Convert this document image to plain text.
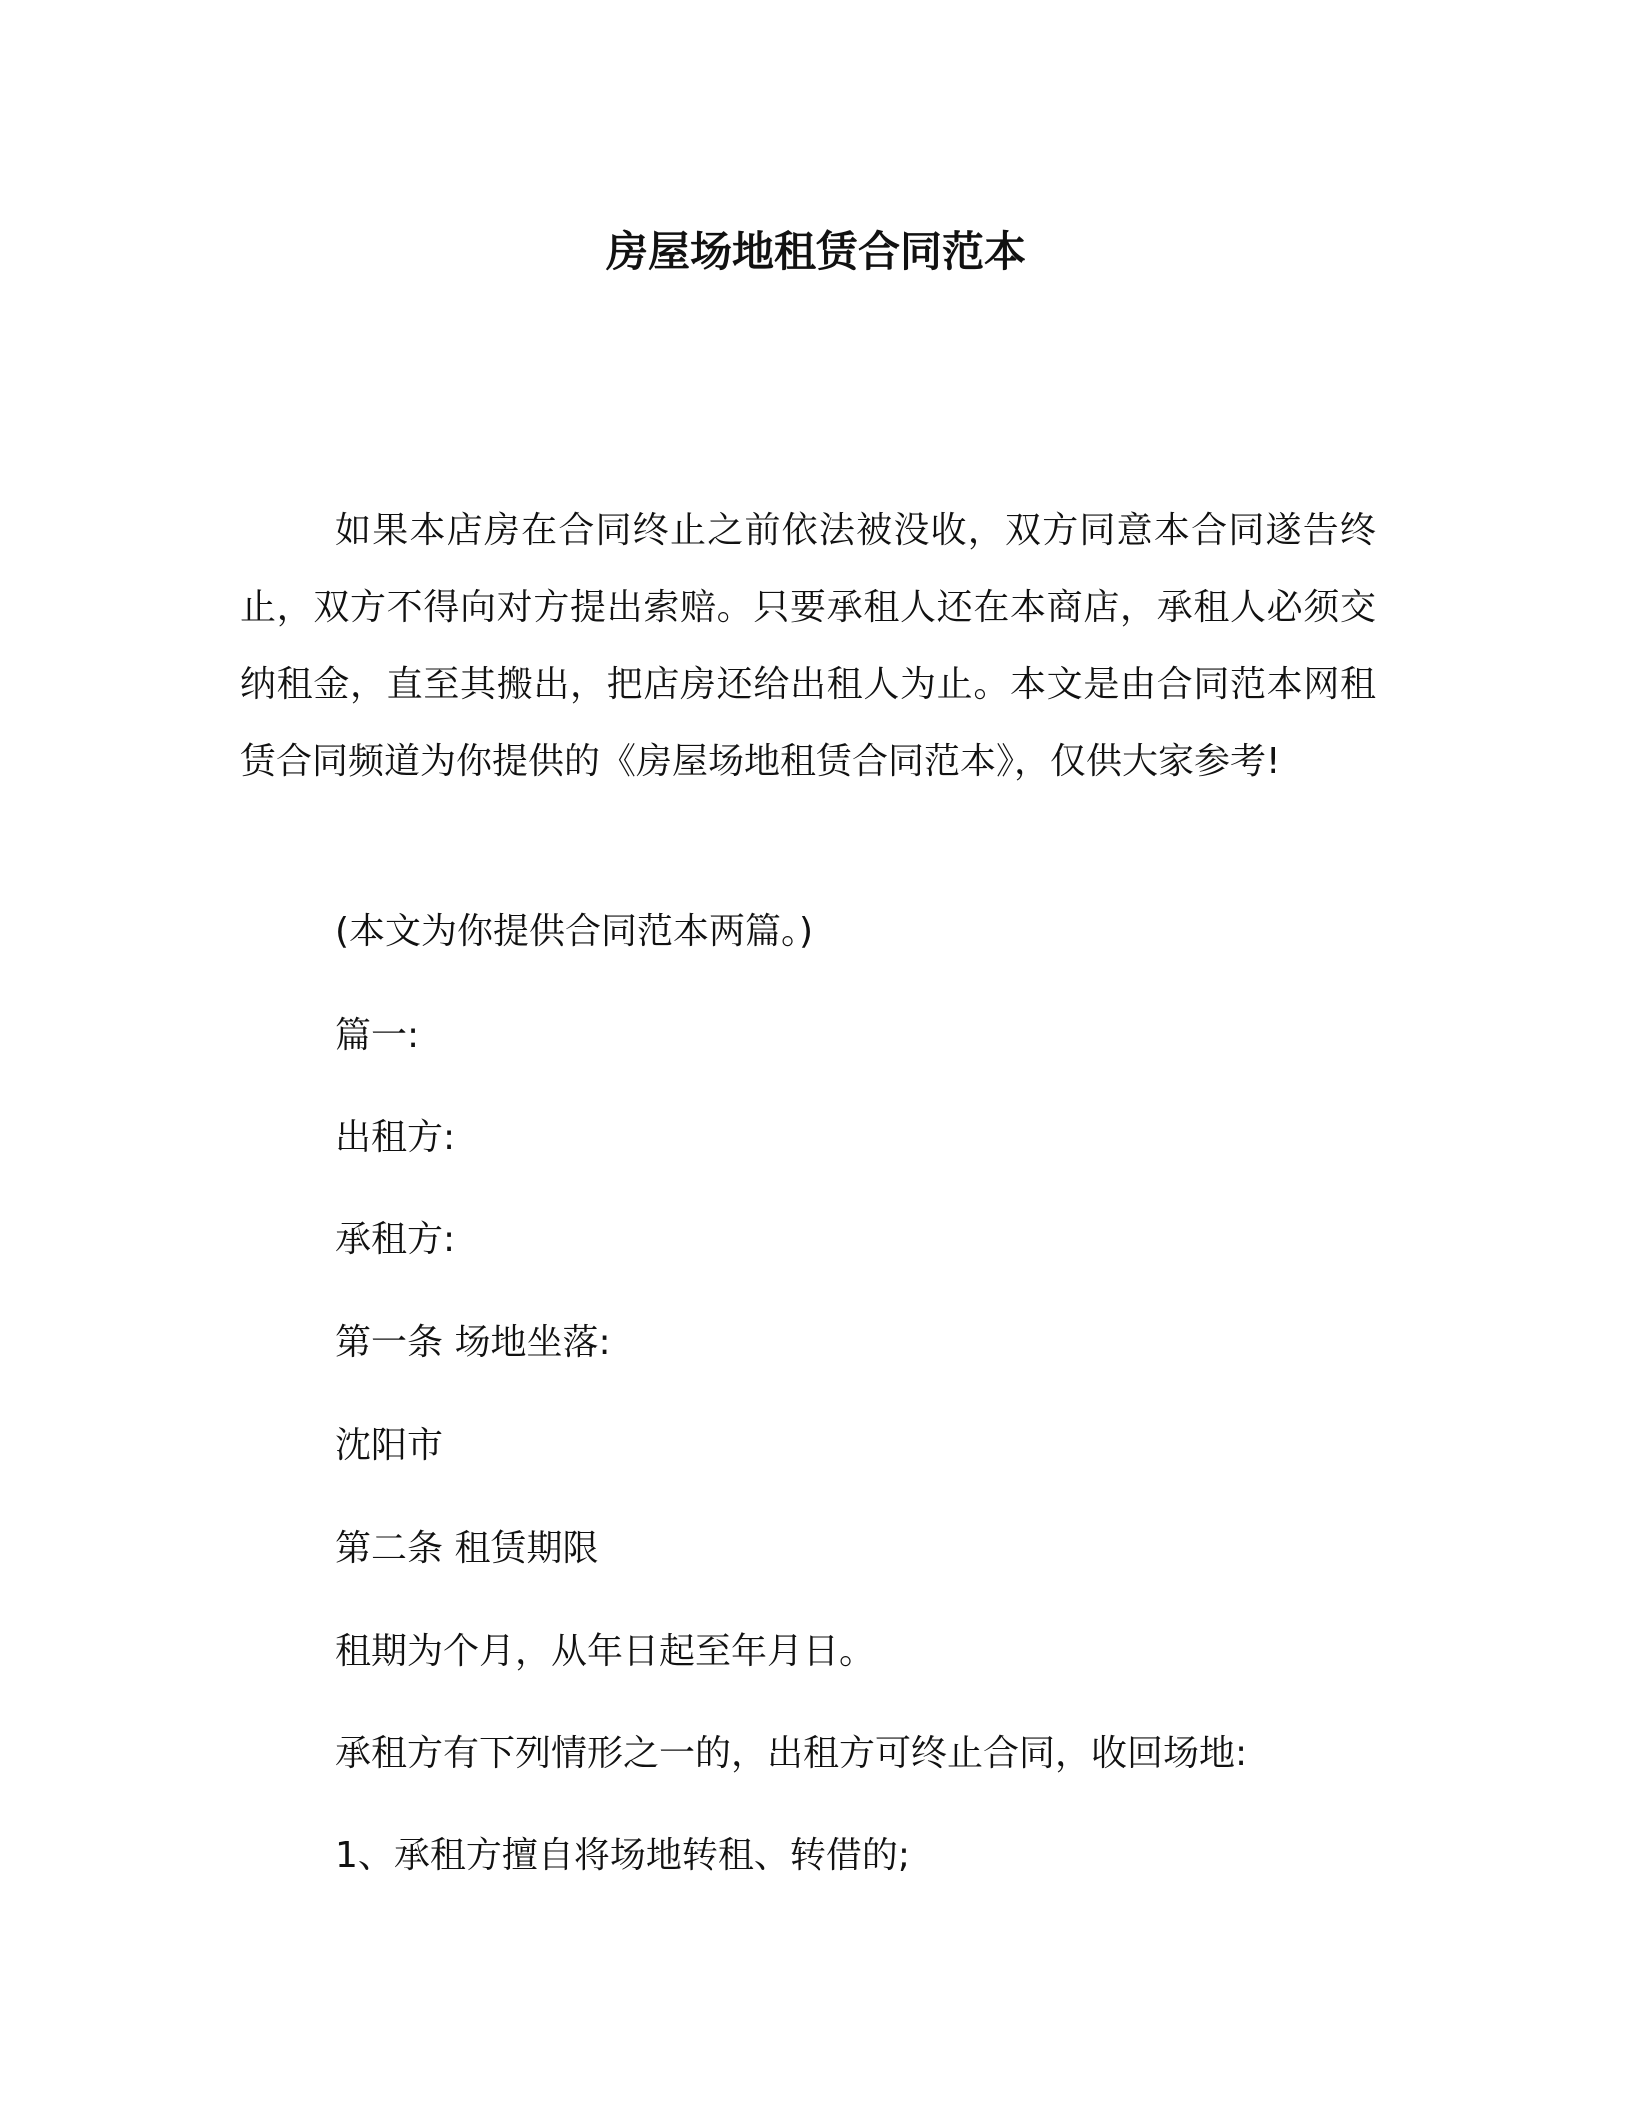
房屋场地租赁合同范本

如果本店房在合同终止之前依法被没收，双方同意本合同遂告终止，双方不得向对方提出索赔。只要承租人还在本商店，承租人必须交纳租金，直至其搬出，把店房还给出租人为止。本文是由合同范本网租赁合同频道为你提供的《房屋场地租赁合同范本》，仅供大家参考!

(本文为你提供合同范本两篇。)

篇一:

出租方:

承租方:

第一条 场地坐落:

沈阳市

第二条 租赁期限

租期为个月，从年日起至年月日。

承租方有下列情形之一的，出租方可终止合同，收回场地:

1、承租方擅自将场地转租、转借的;
